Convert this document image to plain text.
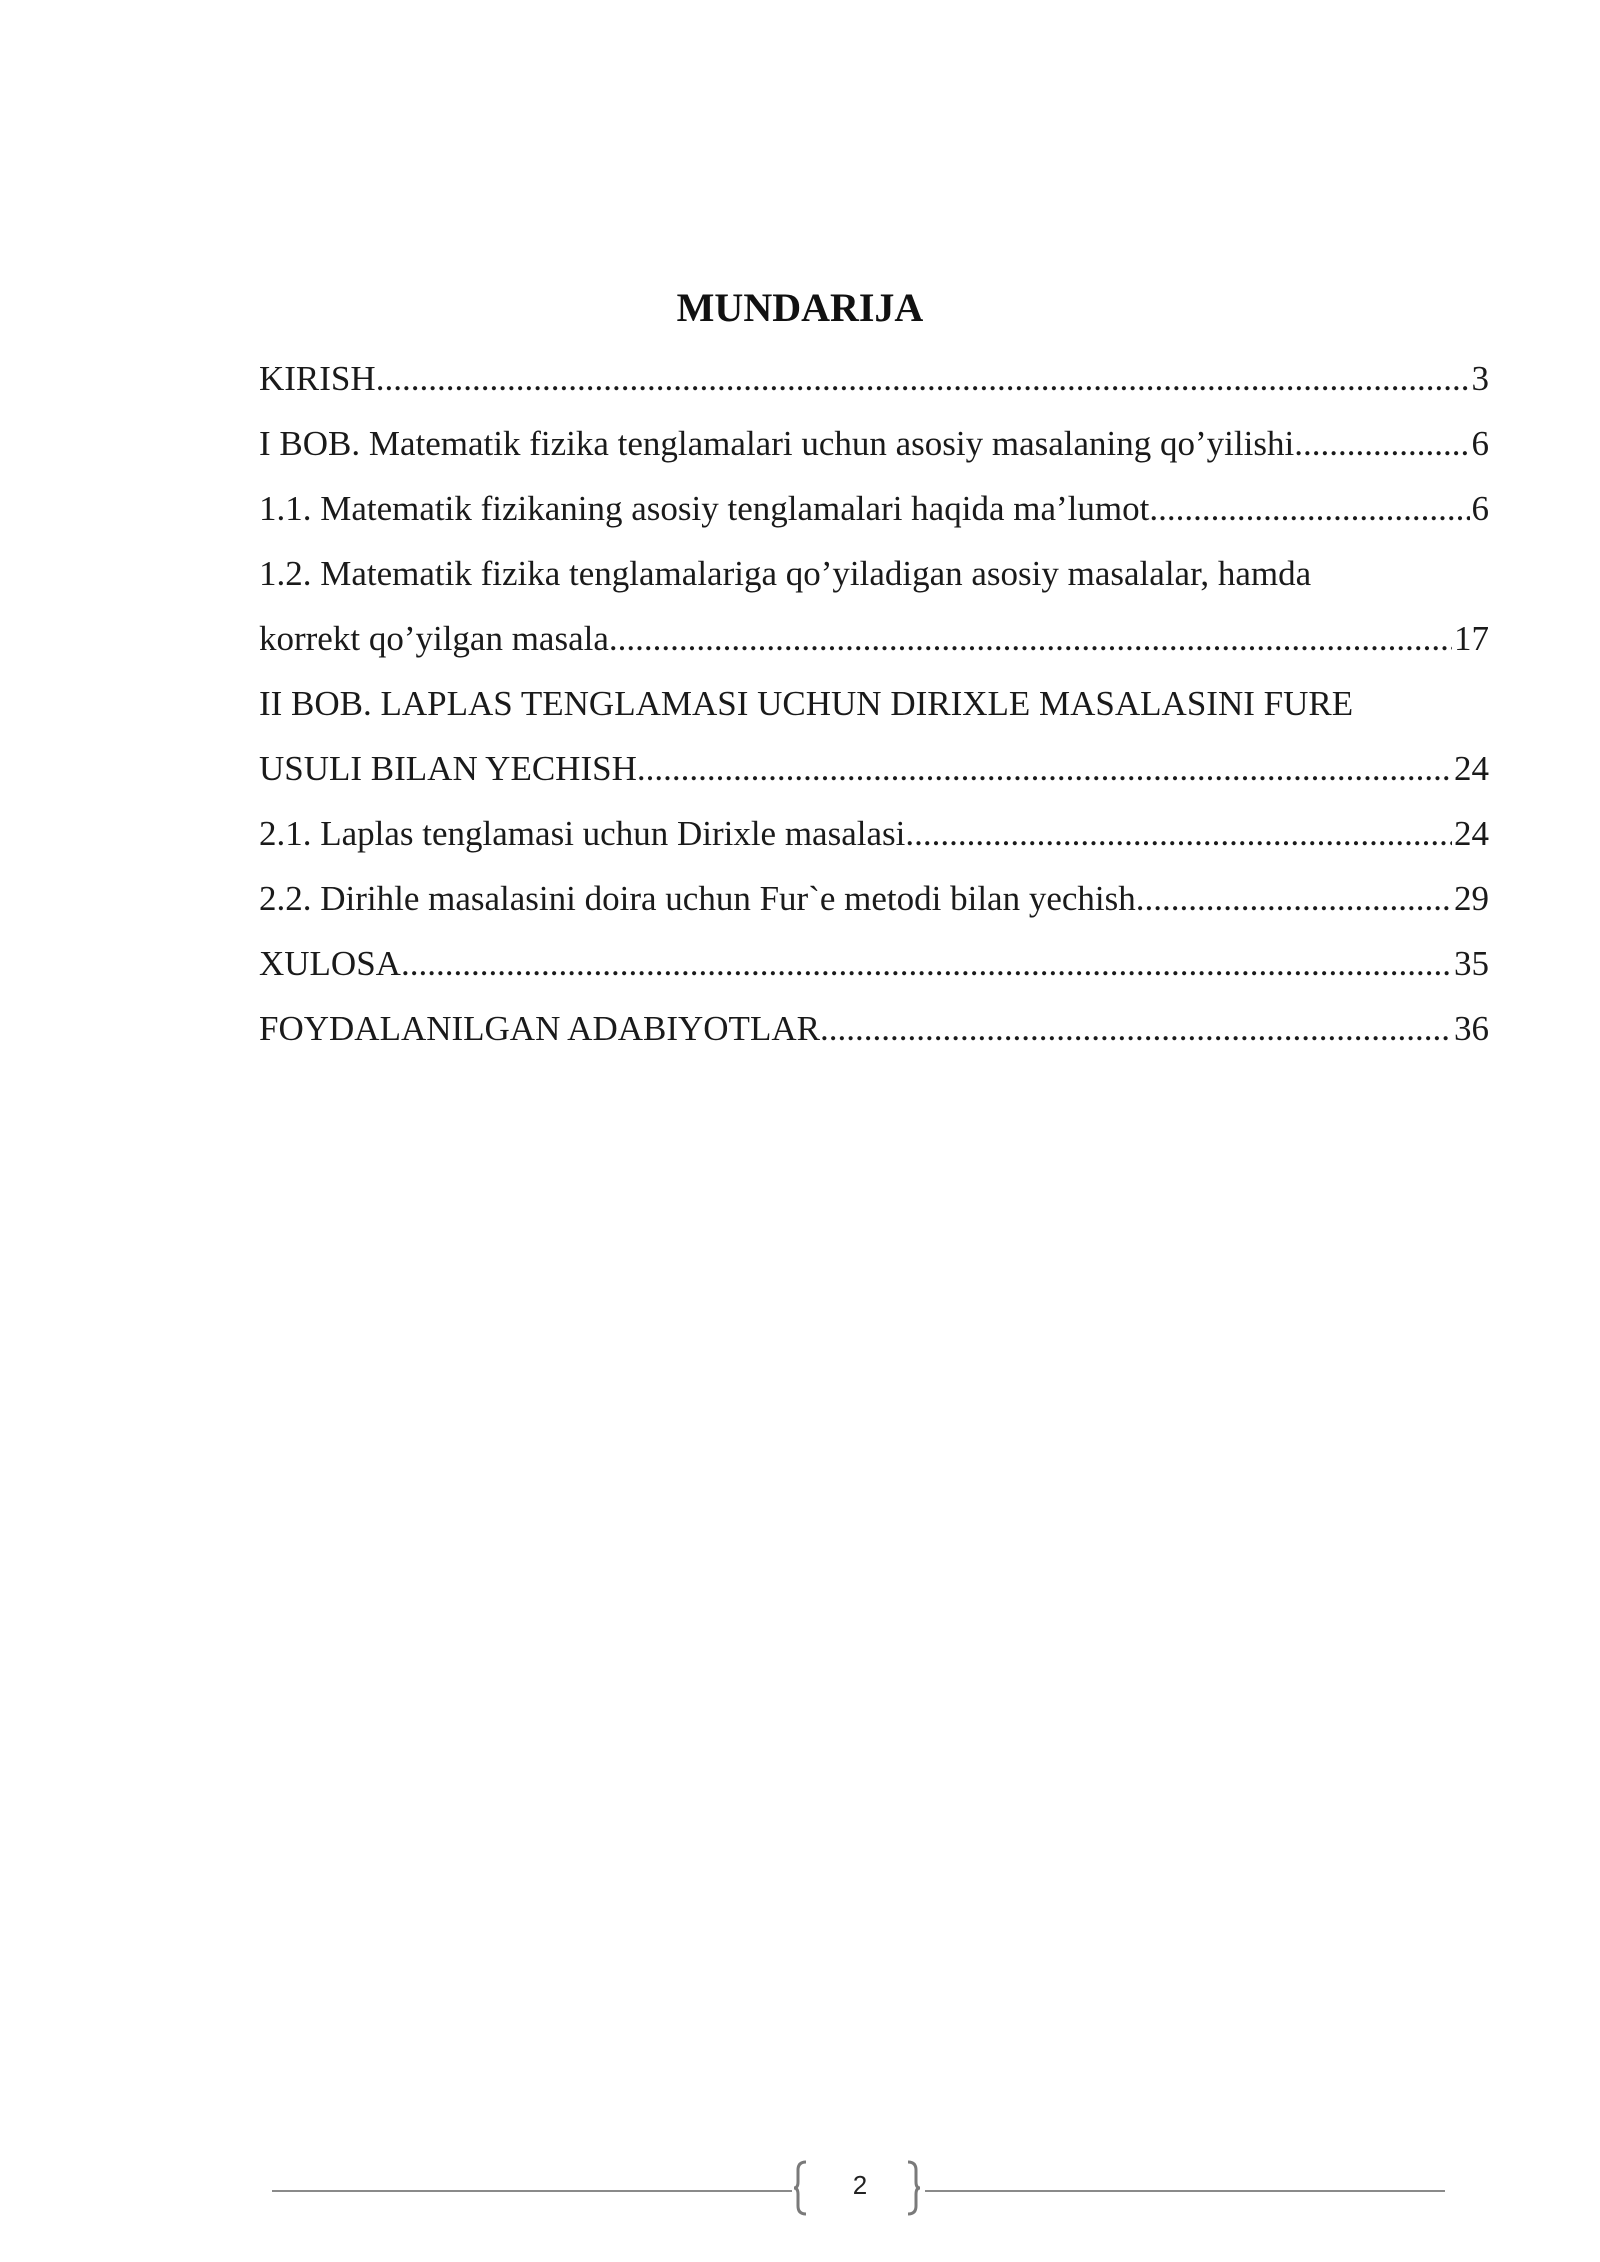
MUNDARIJA
KIRISH .....	3
I BOB. Matematik fizika tenglamalari uchun asosiy masalaning qo’yilishi .....	6
1.1. Matematik fizikaning asosiy tenglamalari haqida ma’lumot .....	6
1.2. Matematik fizika tenglamalariga qo’yiladigan asosiy masalalar, hamda
korrekt qo’yilgan masala .....	17
II BOB. LAPLAS TENGLAMASI UCHUN DIRIXLE MASALASINI FURE
USULI BILAN YECHISH .....	24
2.1. Laplas tenglamasi uchun Dirixle masalasi .....	24
2.2. Dirihle masalasini doira uchun Fur`e metodi bilan yechish .....	29
XULOSA .....	35
FOYDALANILGAN ADABIYOTLAR .....	36
2
